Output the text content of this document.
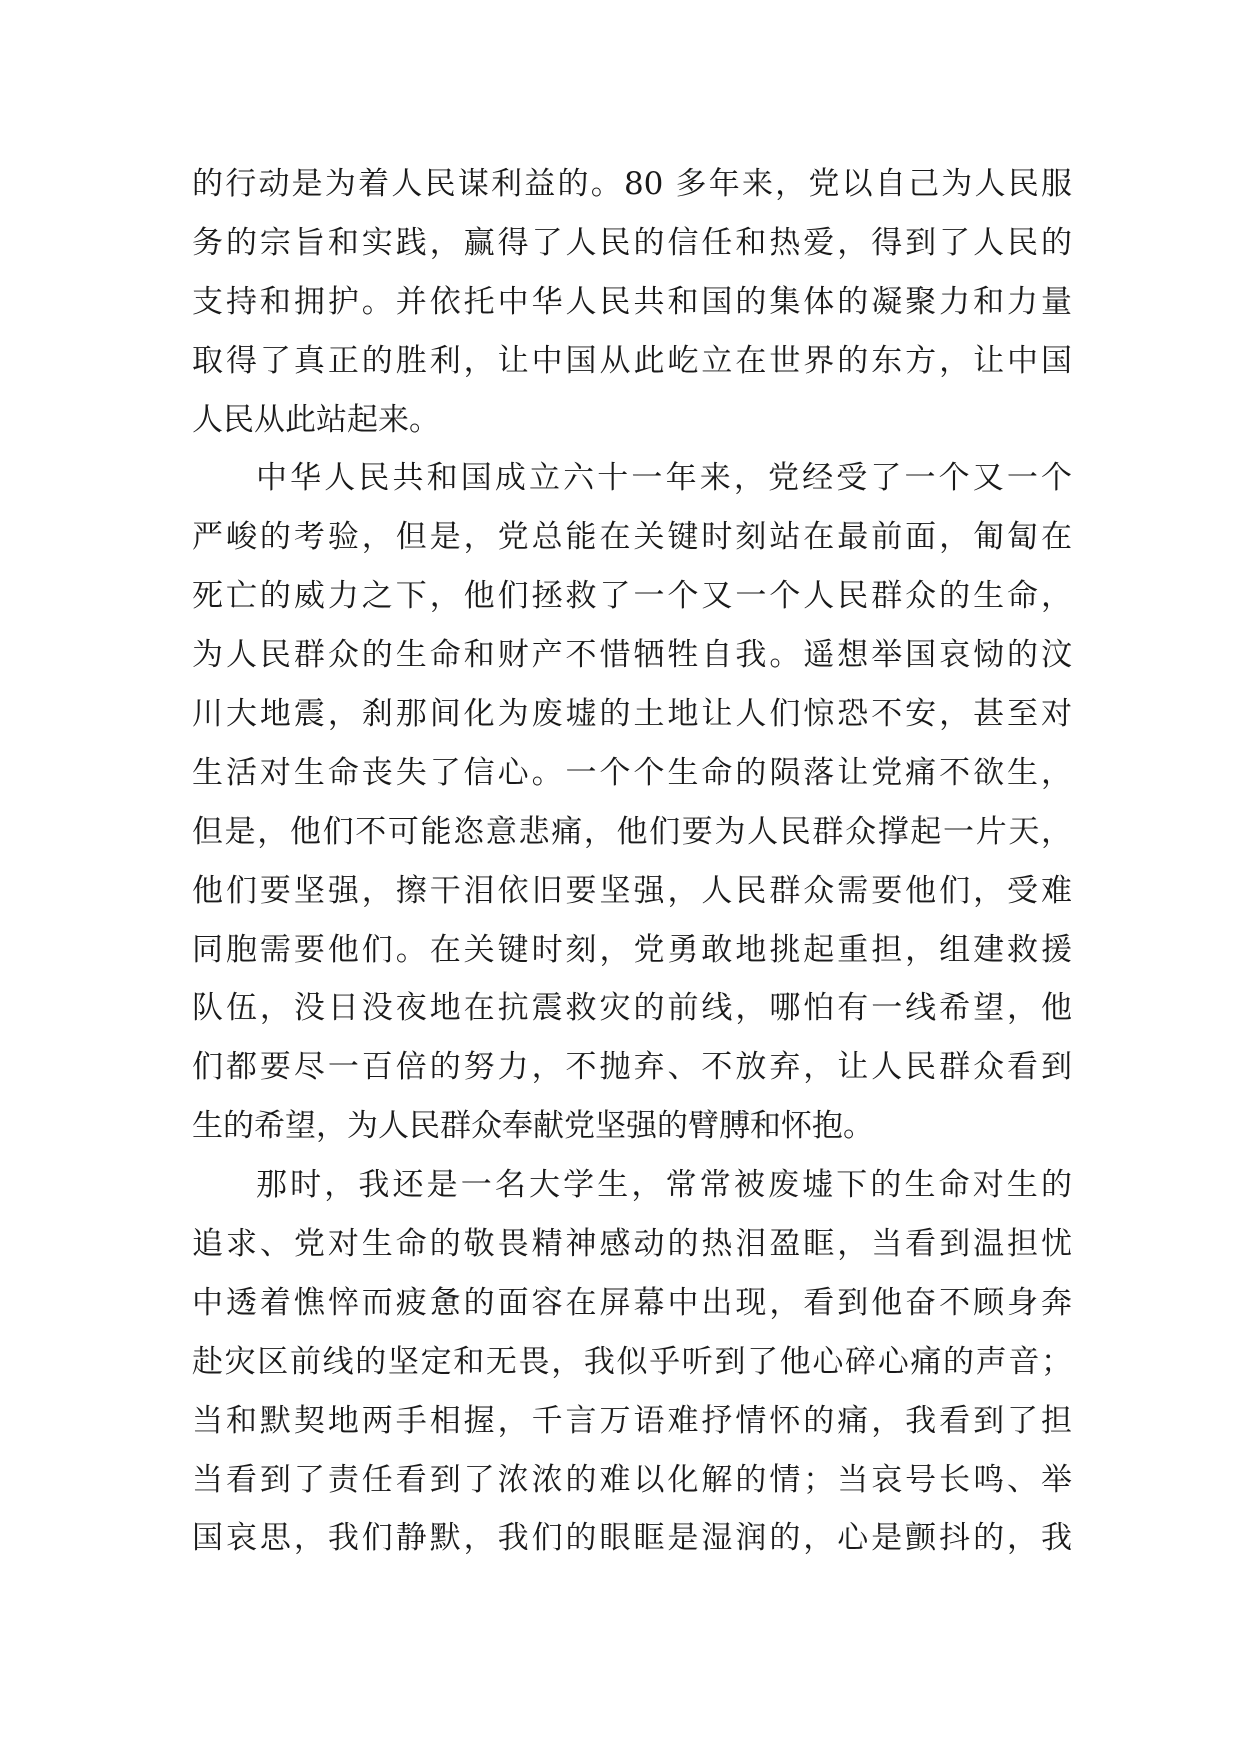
的行动是为着人民谋利益的。80 多年来，党以自己为人民服
务的宗旨和实践，赢得了人民的信任和热爱，得到了人民的
支持和拥护。并依托中华人民共和国的集体的凝聚力和力量
取得了真正的胜利，让中国从此屹立在世界的东方，让中国
人民从此站起来。
中华人民共和国成立六十一年来，党经受了一个又一个
严峻的考验，但是，党总能在关键时刻站在最前面，匍匐在
死亡的威力之下，他们拯救了一个又一个人民群众的生命，
为人民群众的生命和财产不惜牺牲自我。遥想举国哀恸的汶
川大地震，刹那间化为废墟的土地让人们惊恐不安，甚至对
生活对生命丧失了信心。一个个生命的陨落让党痛不欲生，
但是，他们不可能恣意悲痛，他们要为人民群众撑起一片天，
他们要坚强，擦干泪依旧要坚强，人民群众需要他们，受难
同胞需要他们。在关键时刻，党勇敢地挑起重担，组建救援
队伍，没日没夜地在抗震救灾的前线，哪怕有一线希望，他
们都要尽一百倍的努力，不抛弃、不放弃，让人民群众看到
生的希望，为人民群众奉献党坚强的臂膊和怀抱。
那时，我还是一名大学生，常常被废墟下的生命对生的
追求、党对生命的敬畏精神感动的热泪盈眶，当看到温担忧
中透着憔悴而疲惫的面容在屏幕中出现，看到他奋不顾身奔
赴灾区前线的坚定和无畏，我似乎听到了他心碎心痛的声音；
当和默契地两手相握，千言万语难抒情怀的痛，我看到了担
当看到了责任看到了浓浓的难以化解的情；当哀号长鸣、举
国哀思，我们静默，我们的眼眶是湿润的，心是颤抖的，我
